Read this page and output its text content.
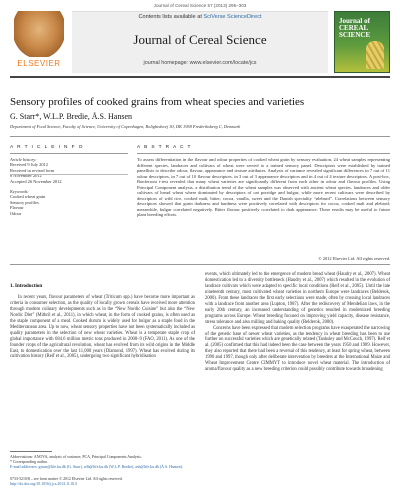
Journal of Cereal Science 57 (2013) 295–303
ELSEVIER
Contents lists available at SciVerse ScienceDirect
Journal of Cereal Science
journal homepage: www.elsevier.com/locate/jcs
Journal of CEREAL SCIENCE
Sensory profiles of cooked grains from wheat species and varieties
G. Starr*, W.L.P. Bredie, Å.S. Hansen
Department of Food Science, Faculty of Science, University of Copenhagen, Rolighedsvej 30, DK 1958 Frederiksberg C, Denmark
A R T I C L E I N F O	A B S T R A C T
Article history:
Received 9 July 2012
Received in revised form
8 November 2012
Accepted 26 November 2012
Keywords:
Cooked wheat grain
Sensory profiles
Flavour
Odour
To assess differentiation in the flavour and odour properties of cooked wheat grain by sensory evaluation, 24 wheat samples representing different species, landraces and cultivars of wheat were served to a trained sensory panel. Descriptors were established by trained panellists to describe odour, flavour, appearance and texture attributes. Analysis of variance revealed significant differences in 7 out of 11 odour descriptors, in 7 out of 10 flavour descriptors, in 3 out of 3 appearance descriptors and in 4 out of 4 texture descriptors. A post-hoc, Bonferroni t-test revealed that many wheat varieties are significantly different from each other in odour and flavour profiles. Using Principal Component analysis, a distribution trend of the wheat samples was observed with ancient wheat species, landraces and older cultivars of bread wheat where dominated by descriptors of oat porridge and bulgur, while more recent cultivars were described by descriptors of wild rice, cooked malt, bitter, cocoa, vanilla, sweet and the Danish speciality “ølebrød”. Correlations between sensory descriptors showed that grain darkness and hardness were positively correlated with descriptors for cocoa, cooked malt and ølebrød; meanwhile, bulgur correlated negatively. Bitter flavour positively correlated to dark appearance. These results may be useful to future plant breeding efforts.
© 2012 Elsevier Ltd. All rights reserved.
1. Introduction
In recent years, flavour parameters of wheat (Triticum spp.) have become more important as criteria in consumer selection, as the quality of locally grown cereals have received more attention through modern culinary developments such as in the “New Nordic Cuisine” but also the “New Nordic Diet” (Mithril et al., 2011), in which wheat, in the form of cooked grains, is often used as the staple component of a meal. Cooked durum is widely used for bulgur as a staple food in the Mediterranean area. Up to now, wheat sensory properties have not been systematically included as quality parameters in the selection of new wheat varieties. Wheat is a temperate staple crop of global importance with 684.6 million metric tons produced in 2008–9 (FAO, 2011). As one of the founder crops of the agricultural revolution, wheat has evolved from its wild origins in the Middle East, to domestication over the last 11,000 years (Diamond, 1997). Wheat has evolved during its cultivation history (Reif et al., 2005), undergoing two significant hybridisation
events, which ultimately led to the emergence of modern bread wheat (Haudry et al., 2007). Wheat domestication led to a diversity bottleneck (Haudry et al., 2007) which resulted in the evolution of landrace cultivars which were adapted to specific local conditions (Reif et al., 2005). Until the late nineteenth century, most cultivated wheat varieties in northern Europe were landraces (Belderok, 2000). From these landraces the first early selections were made, often by crossing local landraces with a landrace from another area (Lupton, 1987). After the rediscovery of Mendelian laws, in the early 20th century, an increased understanding of genetics resulted in modernized breeding programs across Europe. Wheat breeding focused on improving yield capacity, disease resistance, stress tolerance and also milling and baking quality (Belderok, 2000).
Concerns have been expressed that modern selection programs have exasperated the narrowing of the genetic base of newer wheat varieties, as the tendency in wheat breeding has been to use further on successful varieties which are genetically related (Tanksley and McCouch, 1997). Reif et al. (2005) confirmed that this had indeed been the case between the years 1950 and 1989. However, they also reported that there had been a reversal of this tendency, at least for spring wheat, between 1990 and 1997, though only after deliberate intervention by breeders at the International Maize and Wheat Improvement Centre CIMMYT to introduce novel wheat material. The introduction of aroma/flavour quality as a new breeding criterion could possibly contribute towards broadening
Abbreviations: ANOVA, analysis of variance; PCA, Principal Components Analysis.
* Corresponding author.
E-mail addresses: gstarr@life.ku.dk (G. Starr), wlb@life.ku.dk (W.L.P. Bredie), ash@life.ku.dk (Å.S. Hansen).
0733-5210/$ – see front matter © 2012 Elsevier Ltd. All rights reserved.
http://dx.doi.org/10.1016/j.jcs.2012.11.014
